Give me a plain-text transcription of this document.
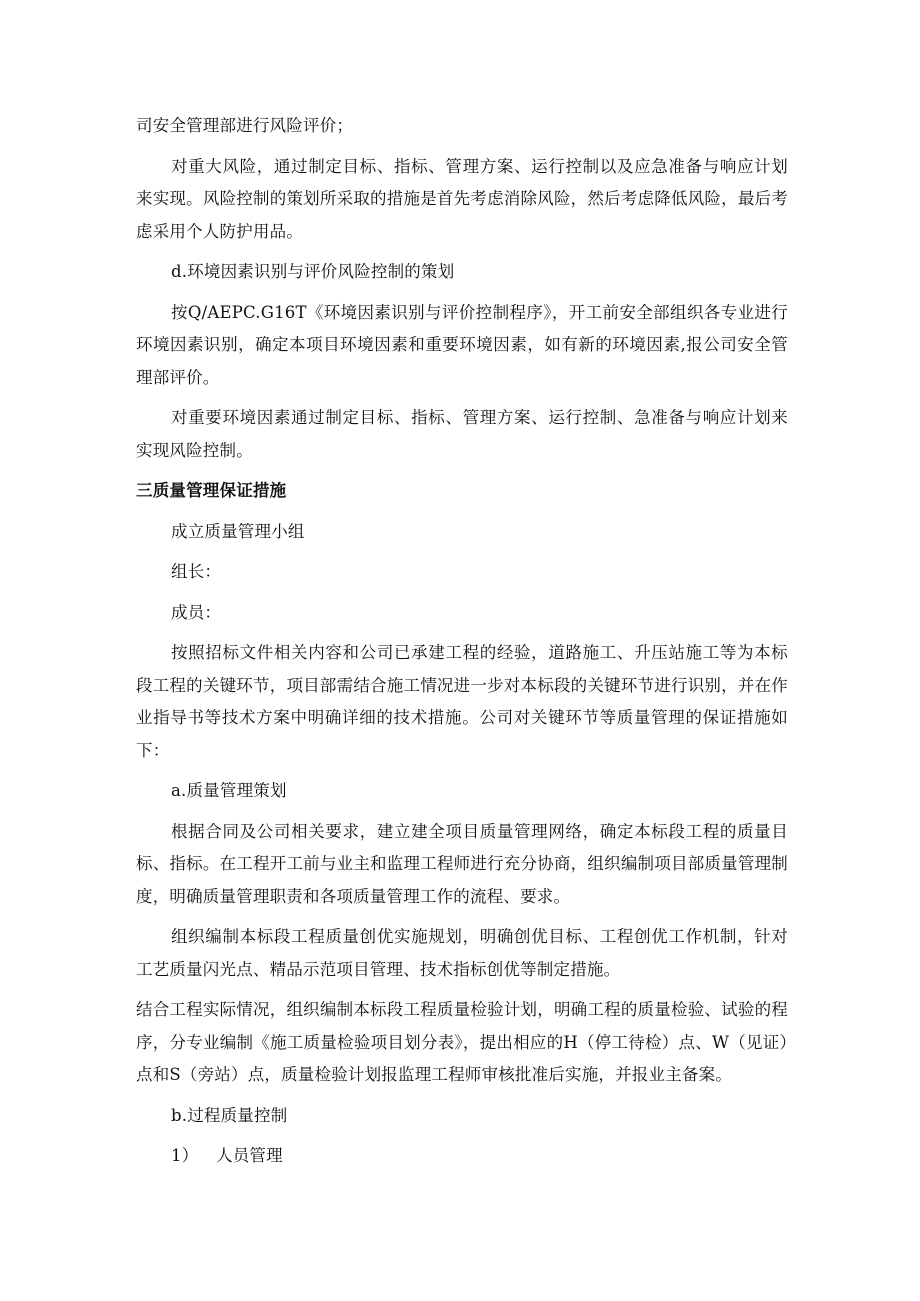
司安全管理部进行风险评价；

对重大风险，通过制定目标、指标、管理方案、运行控制以及应急准备与响应计划来实现。风险控制的策划所采取的措施是首先考虑消除风险，然后考虑降低风险，最后考虑采用个人防护用品。

d.环境因素识别与评价风险控制的策划

按Q/AEPC.G16T《环境因素识别与评价控制程序》，开工前安全部组织各专业进行环境因素识别，确定本项目环境因素和重要环境因素，如有新的环境因素,报公司安全管理部评价。

对重要环境因素通过制定目标、指标、管理方案、运行控制、急准备与响应计划来实现风险控制。

三质量管理保证措施

成立质量管理小组

组长：

成员：

按照招标文件相关内容和公司已承建工程的经验，道路施工、升压站施工等为本标段工程的关键环节，项目部需结合施工情况进一步对本标段的关键环节进行识别，并在作业指导书等技术方案中明确详细的技术措施。公司对关键环节等质量管理的保证措施如下：

a.质量管理策划

根据合同及公司相关要求，建立建全项目质量管理网络，确定本标段工程的质量目标、指标。在工程开工前与业主和监理工程师进行充分协商，组织编制项目部质量管理制度，明确质量管理职责和各项质量管理工作的流程、要求。

组织编制本标段工程质量创优实施规划，明确创优目标、工程创优工作机制，针对工艺质量闪光点、精品示范项目管理、技术指标创优等制定措施。

结合工程实际情况，组织编制本标段工程质量检验计划，明确工程的质量检验、试验的程序，分专业编制《施工质量检验项目划分表》，提出相应的H（停工待检）点、W（见证）点和S（旁站）点，质量检验计划报监理工程师审核批准后实施，并报业主备案。

b.过程质量控制

1） 人员管理
